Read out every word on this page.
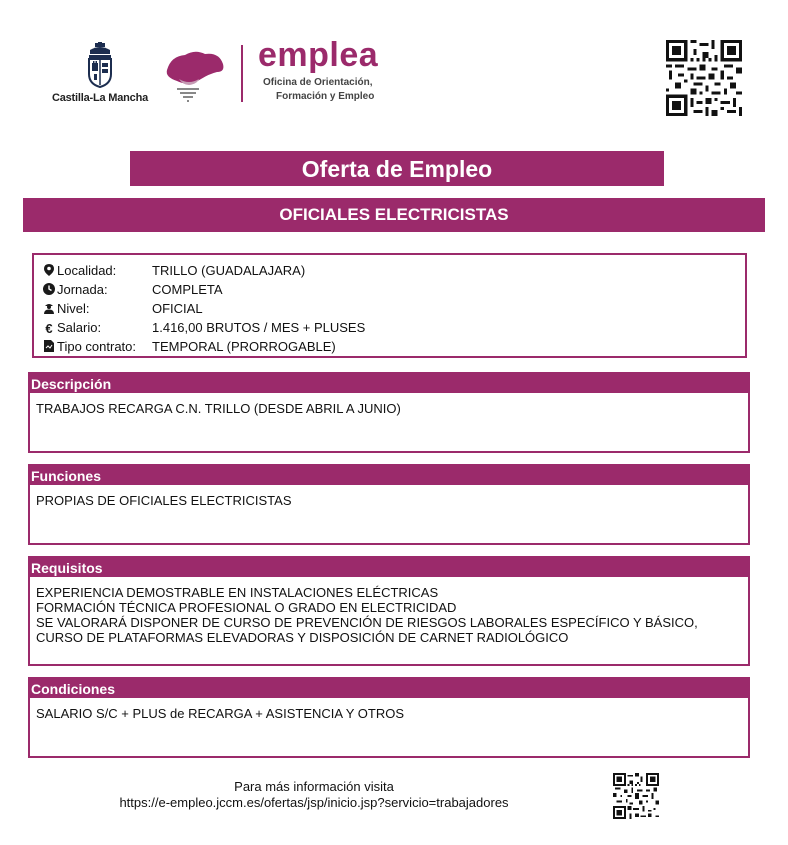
Castilla-La Mancha
emplea
Oficina de Orientación,
Formación y Empleo
Oferta de Empleo
OFICIALES ELECTRICISTAS
Localidad:	TRILLO (GUADALAJARA)
Jornada:	COMPLETA
Nivel:	OFICIAL
€ Salario:	1.416,00 BRUTOS / MES + PLUSES
Tipo contrato: TEMPORAL (PRORROGABLE)
Descripción
TRABAJOS RECARGA C.N. TRILLO (DESDE ABRIL A JUNIO)
Funciones
PROPIAS DE OFICIALES ELECTRICISTAS
Requisitos
EXPERIENCIA DEMOSTRABLE EN INSTALACIONES ELÉCTRICAS
FORMACIÓN TÉCNICA PROFESIONAL O GRADO EN ELECTRICIDAD
SE VALORARÁ DISPONER DE CURSO DE PREVENCIÓN DE RIESGOS LABORALES ESPECÍFICO Y BÁSICO,
CURSO DE PLATAFORMAS ELEVADORAS Y DISPOSICIÓN DE CARNET RADIOLÓGICO
Condiciones
SALARIO S/C + PLUS de RECARGA + ASISTENCIA Y OTROS
Para más información visita
https://e-empleo.jccm.es/ofertas/jsp/inicio.jsp?servicio=trabajadores
